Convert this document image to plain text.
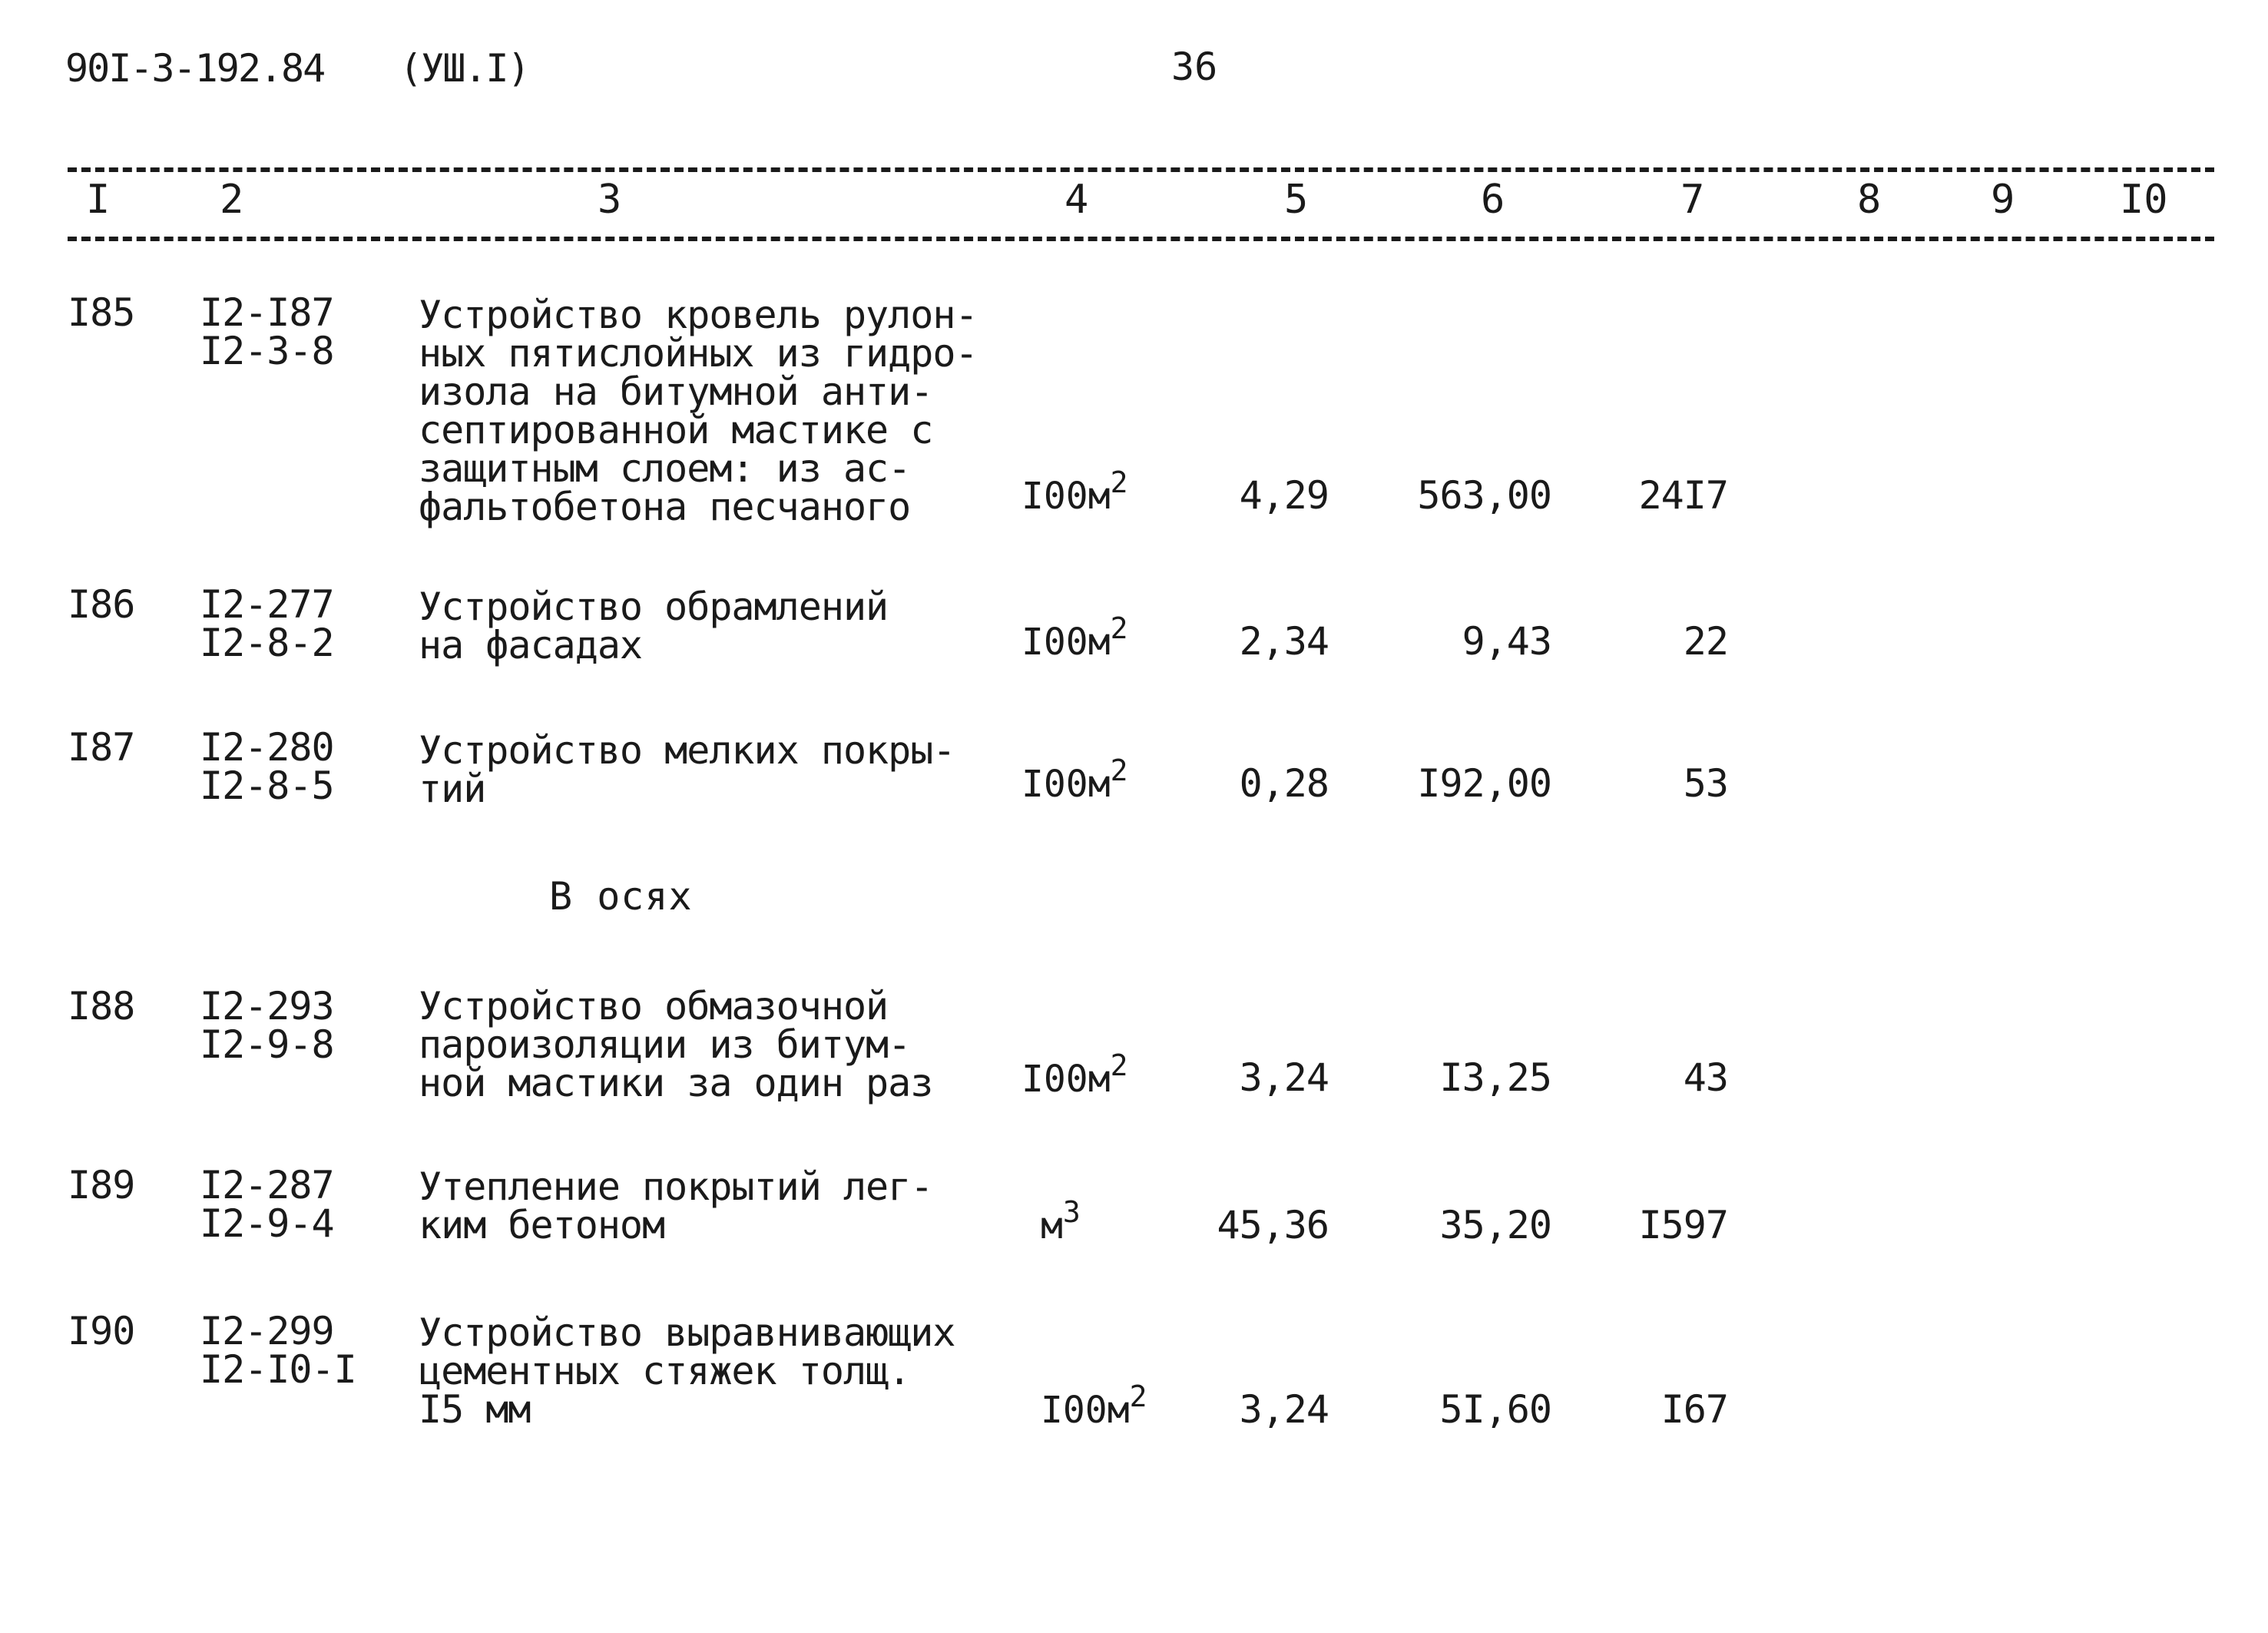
90I-3-192.84 (УШ.I)	36
I	2	3	4	5	6	7	8	9	I0
I85 I2-I87
I2-3-8
Устройство кровель рулон-
ных пятислойных из гидро-
изола на битумной анти-
септированной мастике с
защитным слоем: из ас-
фальтобетона песчаного	$I00м^2$	4,29	563,00	24I7
I86 I2-277
I2-8-2
Устройство обрамлений
на фасадах	$I00м^2$	2,34	9,43	22
I87 I2-280
I2-8-5
Устройство мелких покры-
тий	$I00м^2$	0,28	I92,00	53
В осях
I88 I2-293
I2-9-8
Устройство обмазочной
пароизоляции из битум-
ной мастики за один раз $I00м^2$	3,24	I3,25	43
I89 I2-287
I2-9-4
Утепление покрытий лег-
ким бетоном	$м^3$	45,36	35,20	I597
I90 I2-299
I2-I0-I
Устройство выравнивающих
цементных стяжек толщ.
I5 мм	$I00м^2$	3,24	5I,60	I67
